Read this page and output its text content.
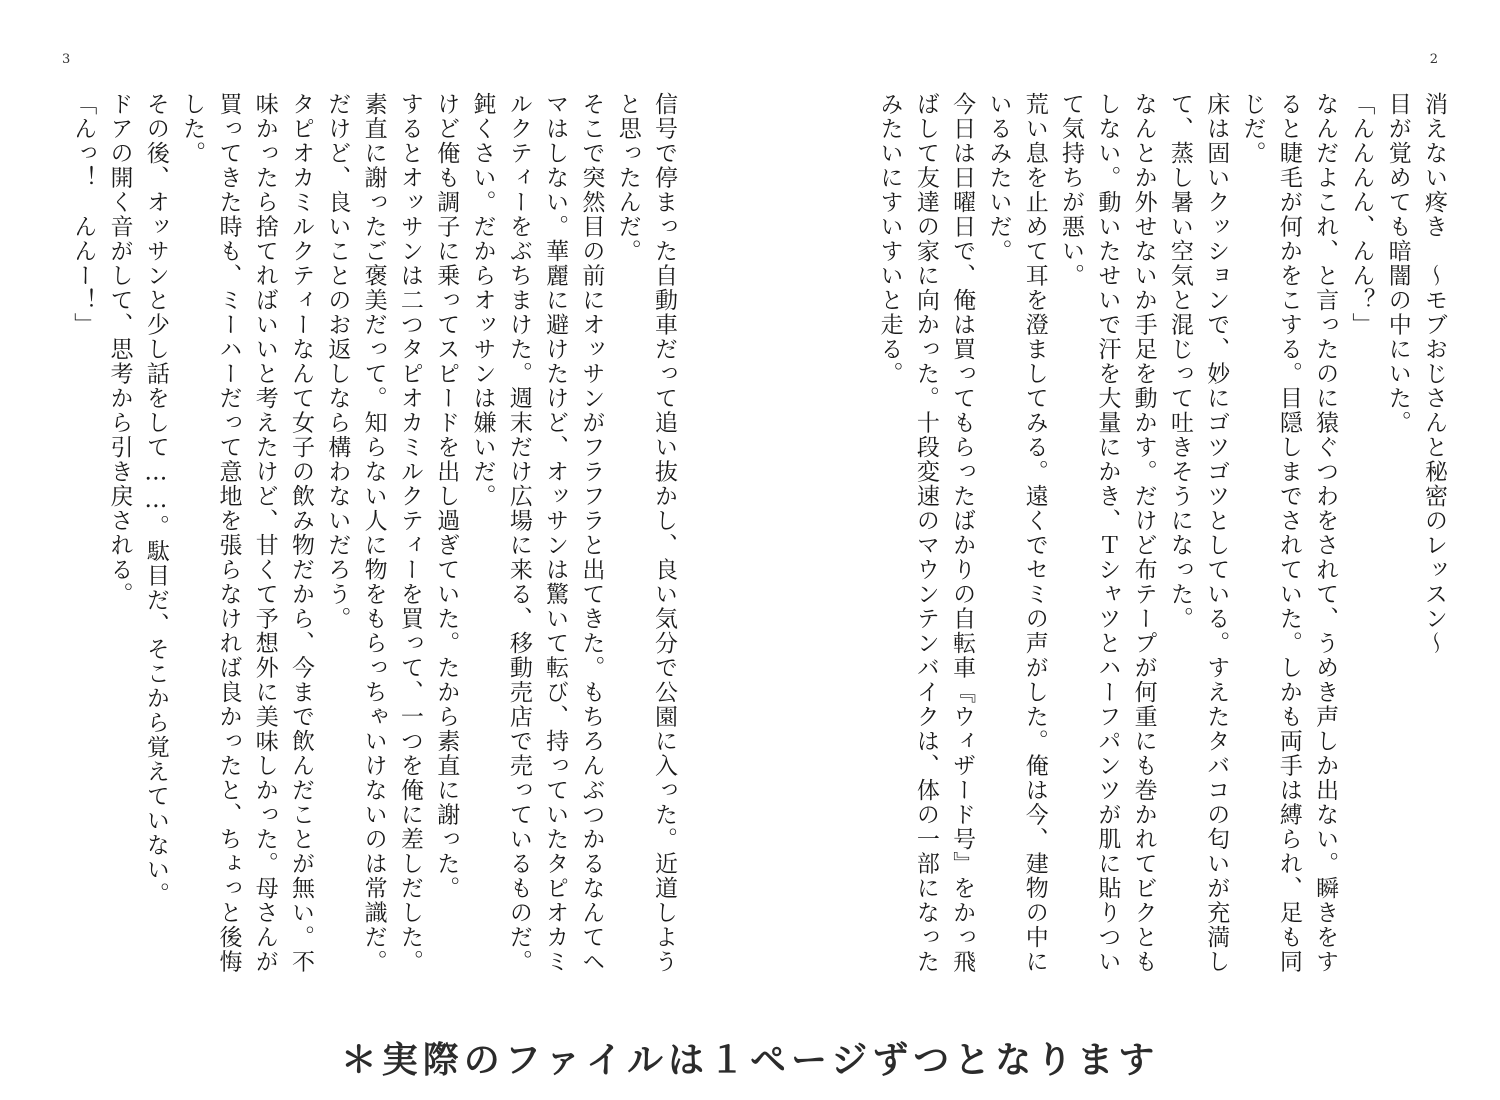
2

消えない疼き　～モブおじさんと秘密のレッスン～

目が覚めても暗闇の中にいた。

「んんんん、んん？」

なんだよこれ、と言ったのに猿ぐつわをされて、うめき声しか出ない。瞬きをすると睫毛が何かをこする。目隠しまでされていた。しかも両手は縛られ、足も同じだ。

床は固いクッションで、妙にゴツゴツとしている。すえたタバコの匂いが充満して、蒸し暑い空気と混じって吐きそうになった。

なんとか外せないか手足を動かす。だけど布テープが何重にも巻かれてビクともしない。動いたせいで汗を大量にかき、Ｔシャツとハーフパンツが肌に貼りついて気持ちが悪い。

荒い息を止めて耳を澄ましてみる。遠くでセミの声がした。俺は今、建物の中にいるみたいだ。

今日は日曜日で、俺は買ってもらったばかりの自転車『ウィザード号』をかっ飛ばして友達の家に向かった。十段変速のマウンテンバイクは、体の一部になったみたいにすいすいと走る。

3

信号で停まった自動車だって追い抜かし、良い気分で公園に入った。近道しようと思ったんだ。

そこで突然目の前にオッサンがフラフラと出てきた。もちろんぶつかるなんてヘマはしない。華麗に避けたけど、オッサンは驚いて転び、持っていたタピオカミルクティーをぶちまけた。週末だけ広場に来る、移動売店で売っているものだ。

鈍くさい。だからオッサンは嫌いだ。

けど俺も調子に乗ってスピードを出し過ぎていた。たから素直に謝った。

するとオッサンは二つタピオカミルクティーを買って、一つを俺に差しだした。素直に謝ったご褒美だって。知らない人に物をもらっちゃいけないのは常識だ。だけど、良いことのお返しなら構わないだろう。

タピオカミルクティーなんて女子の飲み物だから、今まで飲んだことが無い。不味かったら捨てればいいと考えたけど、甘くて予想外に美味しかった。母さんが買ってきた時も、ミーハーだって意地を張らなければ良かったと、ちょっと後悔した。

その後、オッサンと少し話をして……。駄目だ、そこから覚えていない。

ドアの開く音がして、思考から引き戻される。

「んっ！　んんー！」

＊実際のファイルは１ページずつとなります
